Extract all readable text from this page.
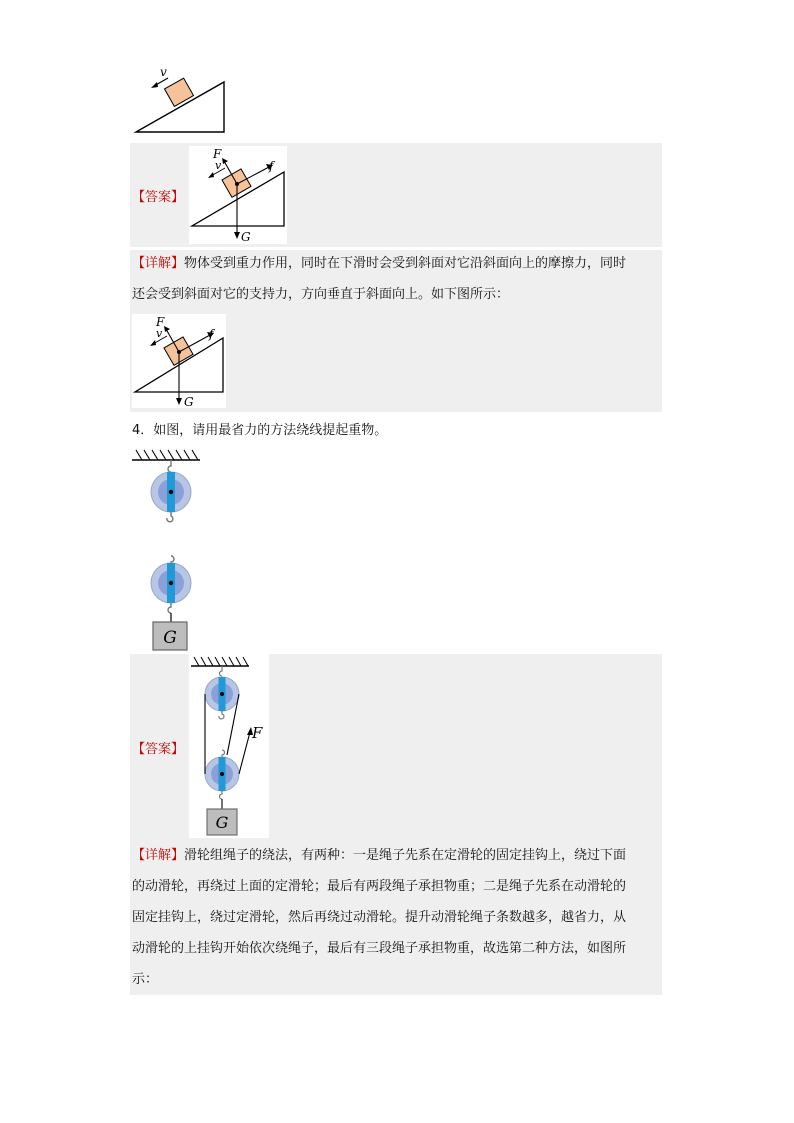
v
【答案】
G
F
f
v
【详解】物体受到重力作用，同时在下滑时会受到斜面对它沿斜面向上的摩擦力，同时
还会受到斜面对它的支持力，方向垂直于斜面向上。如下图所示：
G
F
f
v
4．如图，请用最省力的方法绕线提起重物。
G
【答案】
F
G
【详解】滑轮组绳子的绕法，有两种：一是绳子先系在定滑轮的固定挂钩上，绕过下面
的动滑轮，再绕过上面的定滑轮；最后有两段绳子承担物重；二是绳子先系在动滑轮的
固定挂钩上，绕过定滑轮，然后再绕过动滑轮。提升动滑轮绳子条数越多，越省力，从
动滑轮的上挂钩开始依次绕绳子，最后有三段绳子承担物重，故选第二种方法，如图所
示：
